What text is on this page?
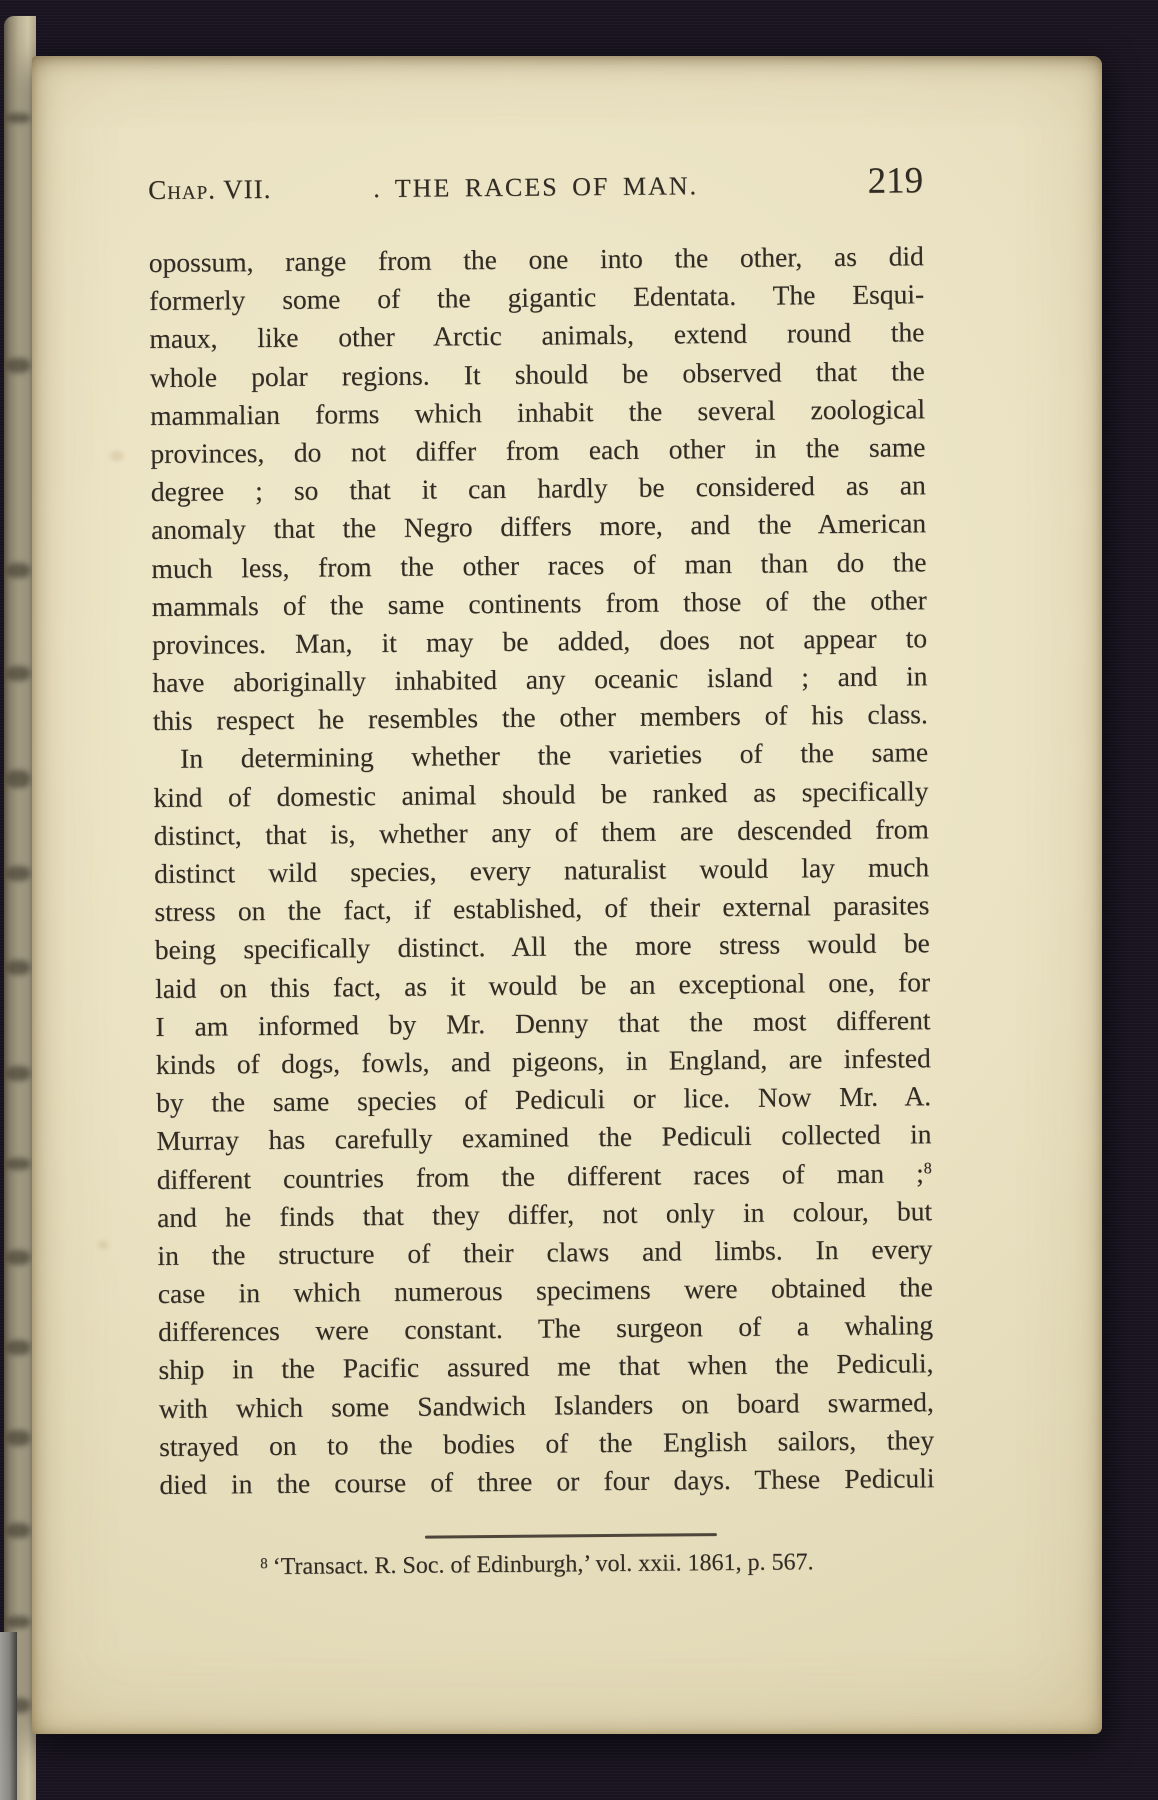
Chap. VII.	. THE RACES OF MAN.	219
opossum, range from the one into the other, as did
formerly some of the gigantic Edentata. The Esqui-
maux, like other Arctic animals, extend round the
whole polar regions. It should be observed that the
mammalian forms which inhabit the several zoological
provinces, do not differ from each other in the same
degree ; so that it can hardly be considered as an
anomaly that the Negro differs more, and the American
much less, from the other races of man than do the
mammals of the same continents from those of the other
provinces. Man, it may be added, does not appear to
have aboriginally inhabited any oceanic island ; and in
this respect he resembles the other members of his class.
In determining whether the varieties of the same
kind of domestic animal should be ranked as specifically
distinct, that is, whether any of them are descended from
distinct wild species, every naturalist would lay much
stress on the fact, if established, of their external parasites
being specifically distinct. All the more stress would be
laid on this fact, as it would be an exceptional one, for
I am informed by Mr. Denny that the most different
kinds of dogs, fowls, and pigeons, in England, are infested
by the same species of Pediculi or lice. Now Mr. A.
Murray has carefully examined the Pediculi collected in
different countries from the different races of man ;$^8$
and he finds that they differ, not only in colour, but
in the structure of their claws and limbs. In every
case in which numerous specimens were obtained the
differences were constant. The surgeon of a whaling
ship in the Pacific assured me that when the Pediculi,
with which some Sandwich Islanders on board swarmed,
strayed on to the bodies of the English sailors, they
died in the course of three or four days. These Pediculi
$^8$ ‘Transact. R. Soc. of Edinburgh,’ vol. xxii. 1861, p. 567.
